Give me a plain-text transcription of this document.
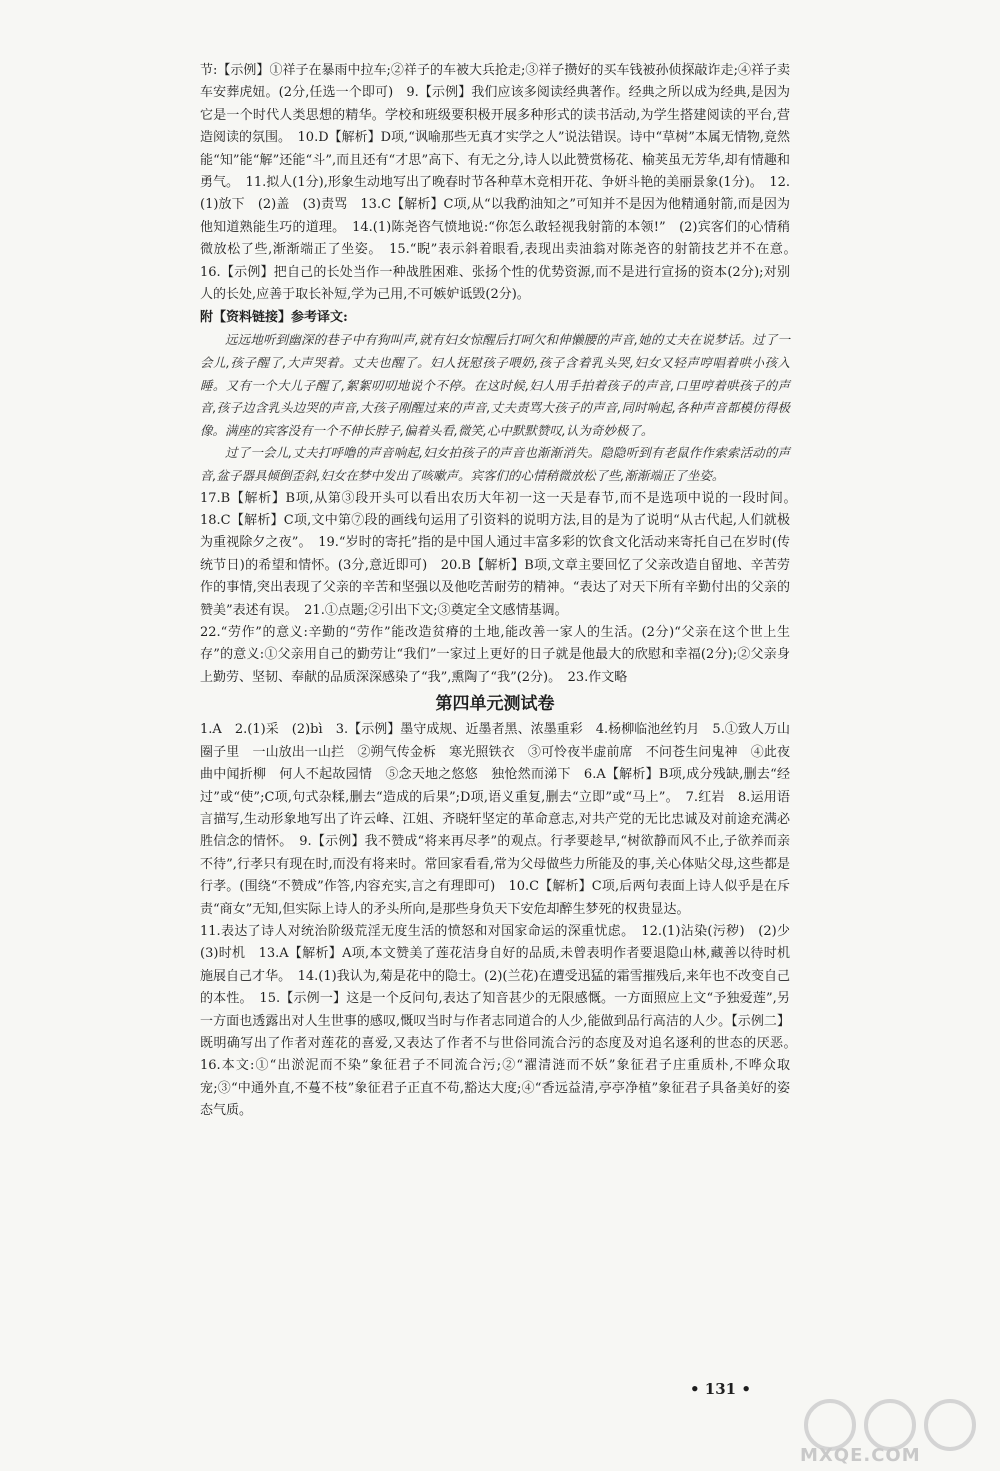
节:【示例】①祥子在暴雨中拉车;②祥子的车被大兵抢走;③祥子攒好的买车钱被孙侦探敲诈走;④祥子卖车安葬虎妞。(2分,任选一个即可)　9.【示例】我们应该多阅读经典著作。经典之所以成为经典,是因为它是一个时代人类思想的精华。学校和班级要积极开展多种形式的读书活动,为学生搭建阅读的平台,营造阅读的氛围。　10.D【解析】D项,“讽喻那些无真才实学之人”说法错误。诗中“草树”本属无情物,竟然能“知”能“解”还能“斗”,而且还有“才思”高下、有无之分,诗人以此赞赏杨花、榆荚虽无芳华,却有情趣和勇气。　11.拟人(1分),形象生动地写出了晚春时节各种草木竞相开花、争妍斗艳的美丽景象(1分)。　12.(1)放下　(2)盖　(3)责骂　13.C【解析】C项,从“以我酌油知之”可知并不是因为他精通射箭,而是因为他知道熟能生巧的道理。　14.(1)陈尧咨气愤地说:“你怎么敢轻视我射箭的本领!”　(2)宾客们的心情稍微放松了些,渐渐端正了坐姿。　15.“睨”表示斜着眼看,表现出卖油翁对陈尧咨的射箭技艺并不在意。　16.【示例】把自己的长处当作一种战胜困难、张扬个性的优势资源,而不是进行宣扬的资本(2分);对别人的长处,应善于取长补短,学为己用,不可嫉妒诋毁(2分)。

附【资料链接】参考译文:

远远地听到幽深的巷子中有狗叫声,就有妇女惊醒后打呵欠和伸懒腰的声音,她的丈夫在说梦话。过了一会儿,孩子醒了,大声哭着。丈夫也醒了。妇人抚慰孩子喂奶,孩子含着乳头哭,妇女又轻声哼唱着哄小孩入睡。又有一个大儿子醒了,絮絮叨叨地说个不停。在这时候,妇人用手拍着孩子的声音,口里哼着哄孩子的声音,孩子边含乳头边哭的声音,大孩子刚醒过来的声音,丈夫责骂大孩子的声音,同时响起,各种声音都模仿得极像。满座的宾客没有一个不伸长脖子,偏着头看,微笑,心中默默赞叹,认为奇妙极了。

过了一会儿,丈夫打呼噜的声音响起,妇女拍孩子的声音也渐渐消失。隐隐听到有老鼠作作索索活动的声音,盆子器具倾倒歪斜,妇女在梦中发出了咳嗽声。宾客们的心情稍微放松了些,渐渐端正了坐姿。

17.B【解析】B项,从第③段开头可以看出农历大年初一这一天是春节,而不是选项中说的一段时间。　18.C【解析】C项,文中第⑦段的画线句运用了引资料的说明方法,目的是为了说明“从古代起,人们就极为重视除夕之夜”。　19.“岁时的寄托”指的是中国人通过丰富多彩的饮食文化活动来寄托自己在岁时(传统节日)的希望和情怀。(3分,意近即可)　20.B【解析】B项,文章主要回忆了父亲改造自留地、辛苦劳作的事情,突出表现了父亲的辛苦和坚强以及他吃苦耐劳的精神。“表达了对天下所有辛勤付出的父亲的赞美”表述有误。　21.①点题;②引出下文;③奠定全文感情基调。

22.“劳作”的意义:辛勤的“劳作”能改造贫瘠的土地,能改善一家人的生活。(2分)“父亲在这个世上生存”的意义:①父亲用自己的勤劳让“我们”一家过上更好的日子就是他最大的欣慰和幸福(2分);②父亲身上勤劳、坚韧、奉献的品质深深感染了“我”,熏陶了“我”(2分)。　23.作文略

第四单元测试卷

1.A　2.(1)采　(2)bì　3.【示例】墨守成规、近墨者黑、浓墨重彩　4.杨柳临池丝钓月　5.①致人万山圈子里　一山放出一山拦　②朔气传金柝　寒光照铁衣　③可怜夜半虚前席　不问苍生问鬼神　④此夜曲中闻折柳　何人不起故园情　⑤念天地之悠悠　独怆然而涕下　6.A【解析】B项,成分残缺,删去“经过”或“使”;C项,句式杂糅,删去“造成的后果”;D项,语义重复,删去“立即”或“马上”。　7.红岩　8.运用语言描写,生动形象地写出了许云峰、江姐、齐晓轩坚定的革命意志,对共产党的无比忠诚及对前途充满必胜信念的情怀。　9.【示例】我不赞成“将来再尽孝”的观点。行孝要趁早,“树欲静而风不止,子欲养而亲不待”,行孝只有现在时,而没有将来时。常回家看看,常为父母做些力所能及的事,关心体贴父母,这些都是行孝。(围绕“不赞成”作答,内容充实,言之有理即可)　10.C【解析】C项,后两句表面上诗人似乎是在斥责“商女”无知,但实际上诗人的矛头所向,是那些身负天下安危却醉生梦死的权贵显达。

11.表达了诗人对统治阶级荒淫无度生活的愤怒和对国家命运的深重忧虑。　12.(1)沾染(污秽)　(2)少　(3)时机　13.A【解析】A项,本文赞美了莲花洁身自好的品质,未曾表明作者要退隐山林,藏善以待时机施展自己才华。　14.(1)我认为,菊是花中的隐士。(2)(兰花)在遭受迅猛的霜雪摧残后,来年也不改变自己的本性。　15.【示例一】这是一个反问句,表达了知音甚少的无限感慨。一方面照应上文“予独爱莲”,另一方面也透露出对人生世事的感叹,慨叹当时与作者志同道合的人少,能做到品行高洁的人少。【示例二】既明确写出了作者对莲花的喜爱,又表达了作者不与世俗同流合污的态度及对追名逐利的世态的厌恶。　16.本文:①“出淤泥而不染”象征君子不同流合污;②“濯清涟而不妖”象征君子庄重质朴,不哗众取宠;③“中通外直,不蔓不枝”象征君子正直不苟,豁达大度;④“香远益清,亭亭净植”象征君子具备美好的姿态气质。

• 131 •
MXQE.COM
